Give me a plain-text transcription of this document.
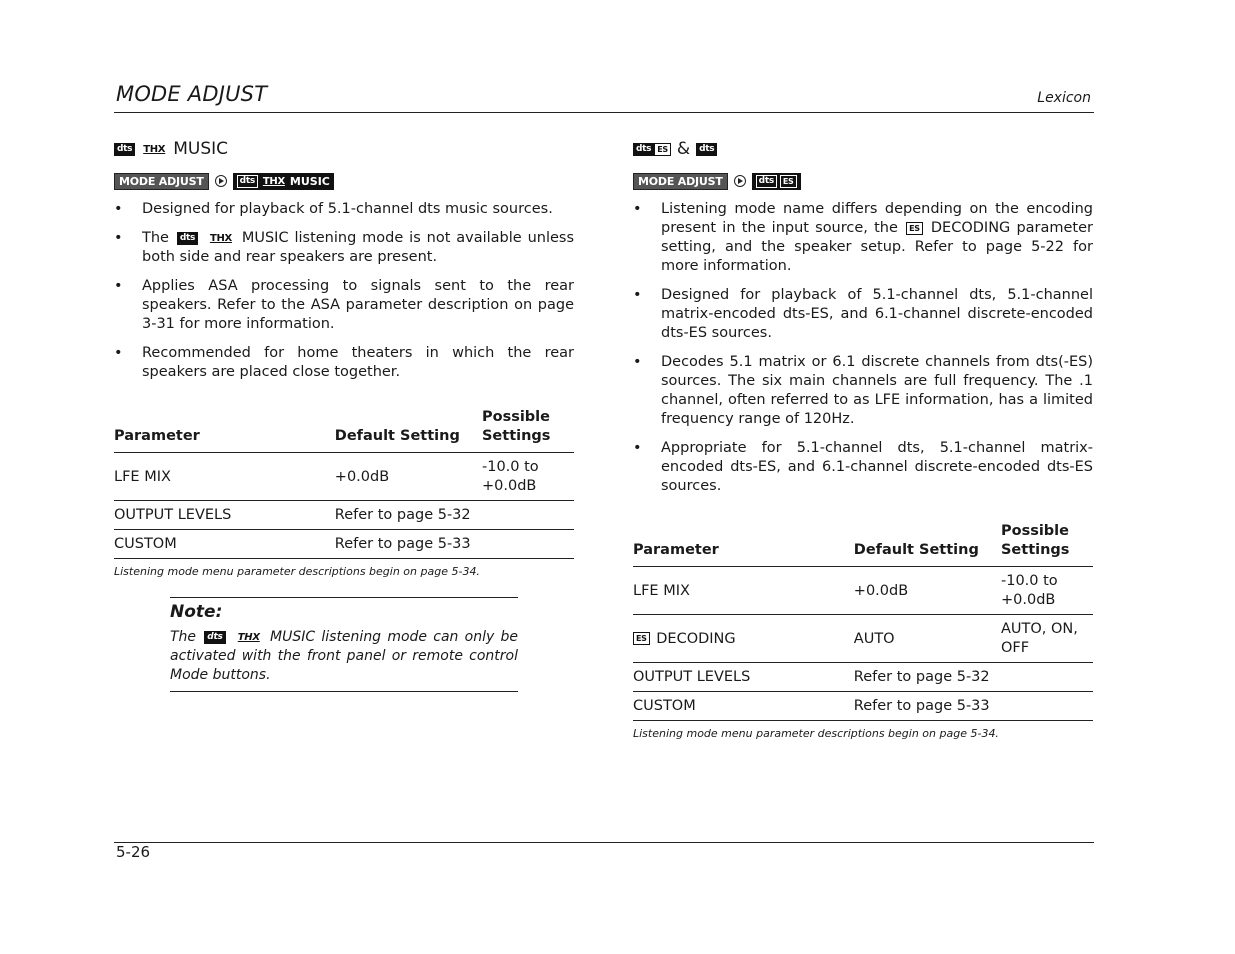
MODE ADJUST	Lexicon
dts	THX MUSIC
MODE ADJUST	dts THX MUSIC
• Designed for playback of 5.1-channel dts music sources.
• The dts THX MUSIC listening mode is not available unless both side and rear speakers are present.
• Applies ASA processing to signals sent to the rear speakers. Refer to the ASA parameter description on page 3-31 for more information.
• Recommended for home theaters in which the rear speakers are placed close together.
Parameter	Default Setting	Possible Settings
LFE MIX	+0.0dB	-10.0 to +0.0dB
OUTPUT LEVELS	Refer to page 5-32	
CUSTOM	Refer to page 5-33	
Listening mode menu parameter descriptions begin on page 5-34.
Note:
The dts THX MUSIC listening mode can only be activated with the front panel or remote control Mode buttons.
dts ES &	dts
MODE ADJUST	dts	ES
• Listening mode name differs depending on the encoding present in the input source, the ES DECODING parameter setting, and the speaker setup. Refer to page 5-22 for more information.
• Designed for playback of 5.1-channel dts, 5.1-channel matrix-encoded dts-ES, and 6.1-channel discrete-encoded dts-ES sources.
• Decodes 5.1 matrix or 6.1 discrete channels from dts(-ES) sources. The six main channels are full frequency. The .1 channel, often referred to as LFE information, has a limited frequency range of 120Hz.
• Appropriate for 5.1-channel dts, 5.1-channel matrix-encoded dts-ES, and 6.1-channel discrete-encoded dts-ES sources.
Parameter	Default Setting	Possible Settings
LFE MIX	+0.0dB	-10.0 to +0.0dB
ES DECODING	AUTO	AUTO, ON, OFF
OUTPUT LEVELS	Refer to page 5-32	
CUSTOM	Refer to page 5-33	
Listening mode menu parameter descriptions begin on page 5-34.
5-26
